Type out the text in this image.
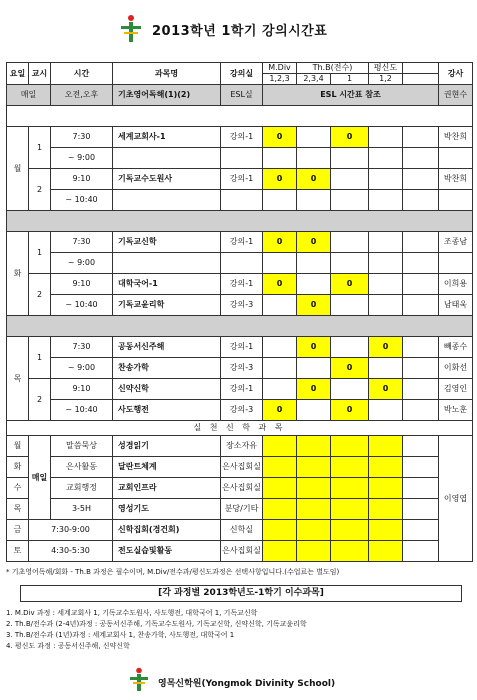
2013학년 1학기 강의시간표
요일	교시	시간	과목명	강의실	M.Div	Th.B(전수)		평신도		강사
					1,2,3	2,3,4	1	1,2		
매일		오전,오후	기초영어독해(1)(2)	ESL실	ESL 시간표 참조					권현수

월	1	7:30	세계교회사-1	강의-1	0		0			박찬희
		~ 9:00								
	2	9:10	기독교수도원사	강의-1	0	0				박찬희
		~ 10:40								

화	1	7:30	기독교신학	강의-1	0	0				조종남
		~ 9:00								
	2	9:10	대학국어-1	강의-1	0		0			이희용
		~ 10:40	기독교윤리학	강의-3		0				남태욱

목	1	7:30	공동서신주해	강의-1		0		0		빼종수
		~ 9:00	찬송가학	강의-3			0			이화선
	2	9:10	신약신학	강의-1		0		0		김영인
		~ 10:40	사도행전	강의-3	0		0			박노훈
실 천 신 학 과 목										
월	매일	말씀묵상	성경읽기	장소자유						이영엽
화		은사활동	달란트체계	은사집회실						
수		교회행정	교회인프라	은사집회실						
목		3-5H	영성기도	분당/기타						
금	7:30-9:00		신학집회(경건회)	신학실						
토	4:30-5:30		전도실습및활동	은사집회실						
* 기초영어독해/회화 - Th.B 과정은 필수이며, M.Div/전수과/평신도과정은 선택사항입니다.(수업료는 별도임)
[각 과정별 2013학년도-1학기 이수과목]
1. M.Div 과정 : 세계교회사 1, 기독교수도원사, 사도행전, 대학국어 1, 기독교신학
2. Th.B/전수과 (2-4년)과정 : 공동서신주해, 기독교수도원사, 기독교신학, 신약신학, 기독교윤리학
3. Th.B/전수과 (1년)과정 : 세계교회사 1, 찬송가학, 사도행전, 대학국어 1
4. 평신도 과정 : 공동서신주해, 신약신학
영목신학원(Yongmok Divinity School)
